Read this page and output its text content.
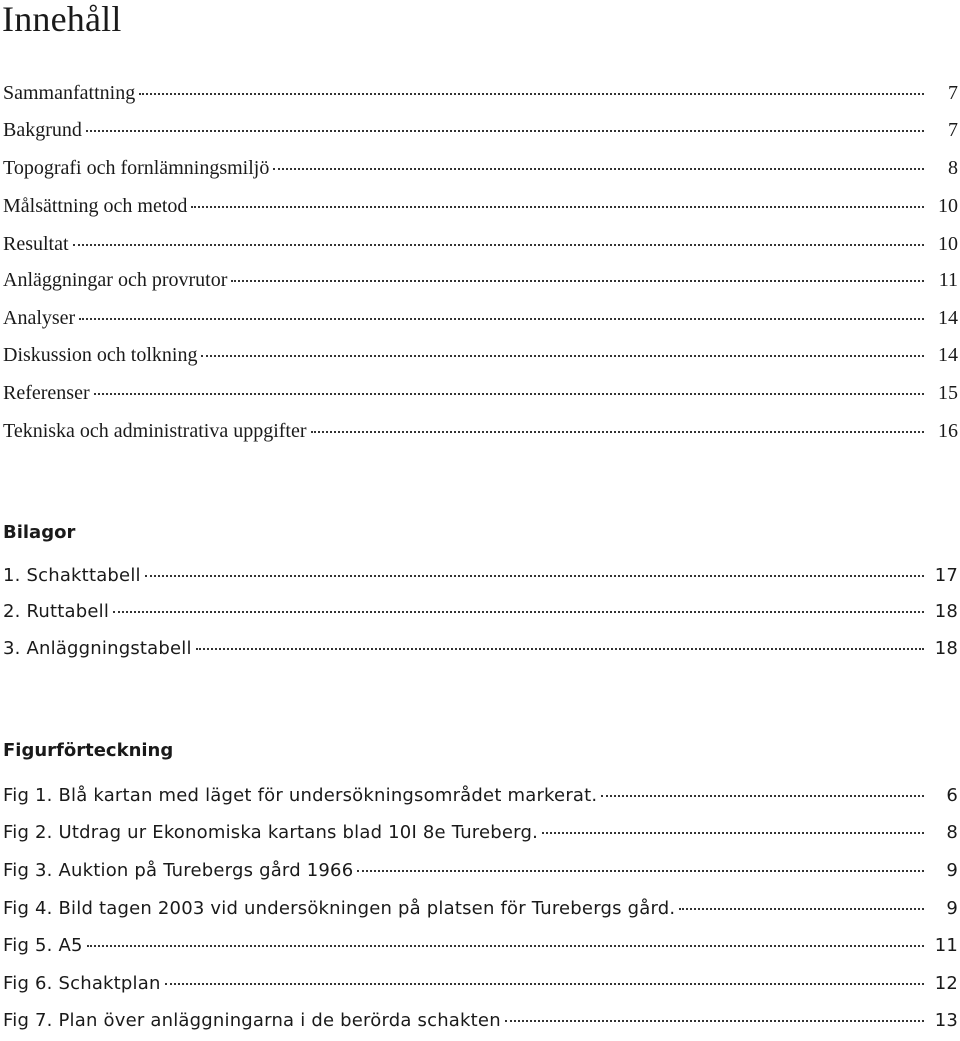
Innehåll
Sammanfattning	7
Bakgrund	7
Topografi och fornlämningsmiljö	8
Målsättning och metod	10
Resultat	10
Anläggningar och provrutor	11
Analyser	14
Diskussion och tolkning	14
Referenser	15
Tekniska och administrativa uppgifter	16
Bilagor
1. Schakttabell	17
2. Ruttabell	18
3. Anläggningstabell	18
Figurförteckning
Fig 1. Blå kartan med läget för undersökningsområdet markerat.	6
Fig 2. Utdrag ur Ekonomiska kartans blad 10I 8e Tureberg.	8
Fig 3. Auktion på Turebergs gård 1966	9
Fig 4. Bild tagen 2003 vid undersökningen på platsen för Turebergs gård.	9
Fig 5. A5	11
Fig 6. Schaktplan	12
Fig 7. Plan över anläggningarna i de berörda schakten	13
